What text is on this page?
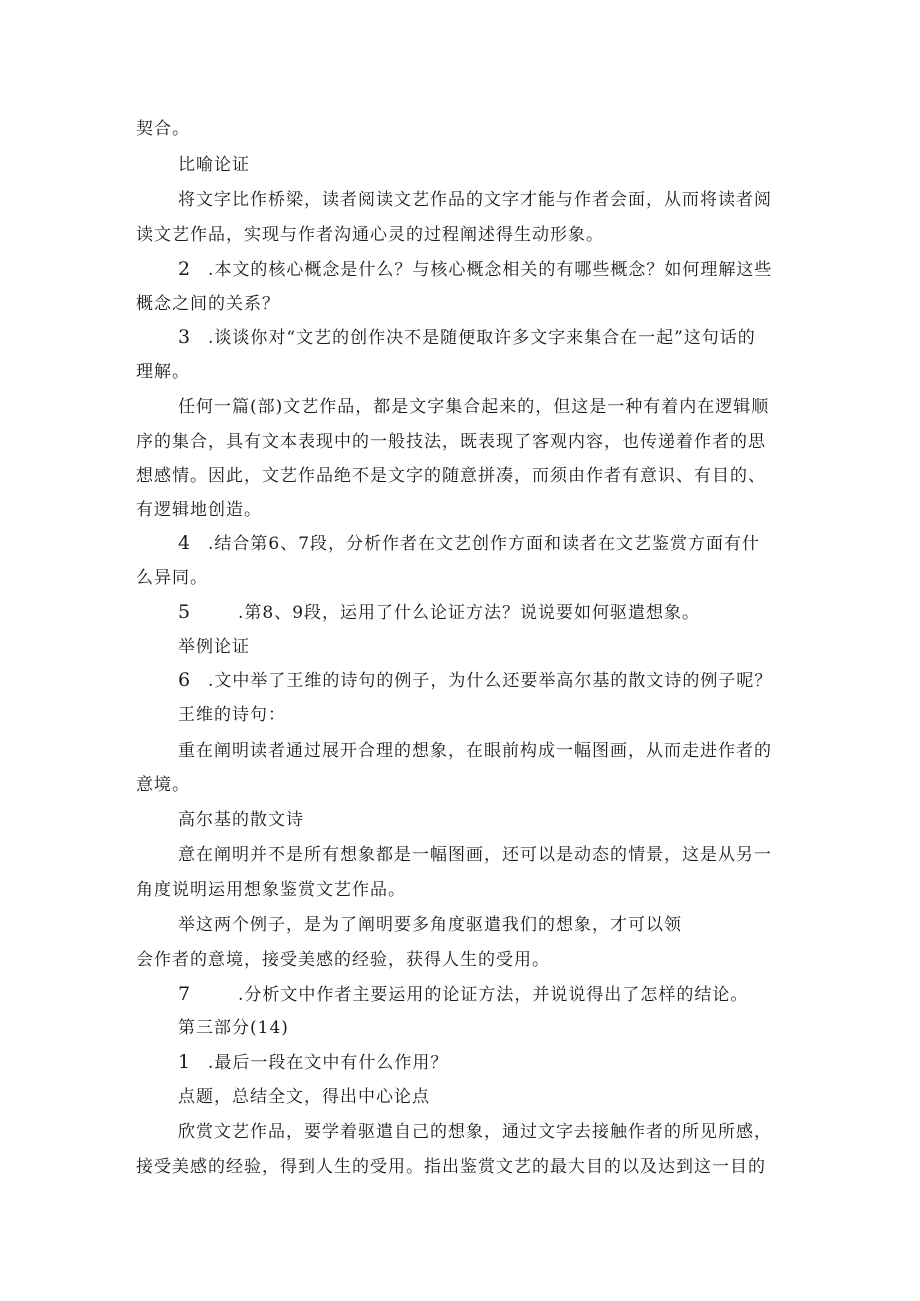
契合。
比喻论证
将文字比作桥梁，读者阅读文艺作品的文字才能与作者会面，从而将读者阅
读文艺作品，实现与作者沟通心灵的过程阐述得生动形象。
2 .本文的核心概念是什么？与核心概念相关的有哪些概念？如何理解这些
概念之间的关系？
3 .谈谈你对“文艺的创作决不是随便取许多文字来集合在一起”这句话的
理解。
任何一篇(部)文艺作品，都是文字集合起来的，但这是一种有着内在逻辑顺
序的集合，具有文本表现中的一般技法，既表现了客观内容，也传递着作者的思
想感情。因此，文艺作品绝不是文字的随意拼凑，而须由作者有意识、有目的、
有逻辑地创造。
4 .结合第6、7段，分析作者在文艺创作方面和读者在文艺鉴赏方面有什
么异同。
5	.第8、9段，运用了什么论证方法？说说要如何驱遣想象。
举例论证
6 .文中举了王维的诗句的例子，为什么还要举高尔基的散文诗的例子呢？
王维的诗句：
重在阐明读者通过展开合理的想象，在眼前构成一幅图画，从而走进作者的
意境。
高尔基的散文诗
意在阐明并不是所有想象都是一幅图画，还可以是动态的情景，这是从另一
角度说明运用想象鉴赏文艺作品。
举这两个例子，是为了阐明要多角度驱遣我们的想象，才可以领
会作者的意境，接受美感的经验，获得人生的受用。
7	.分析文中作者主要运用的论证方法，并说说得出了怎样的结论。
第三部分(14)
1 .最后一段在文中有什么作用？
点题，总结全文，得出中心论点
欣赏文艺作品，要学着驱遣自己的想象，通过文字去接触作者的所见所感，
接受美感的经验，得到人生的受用。指出鉴赏文艺的最大目的以及达到这一目的
